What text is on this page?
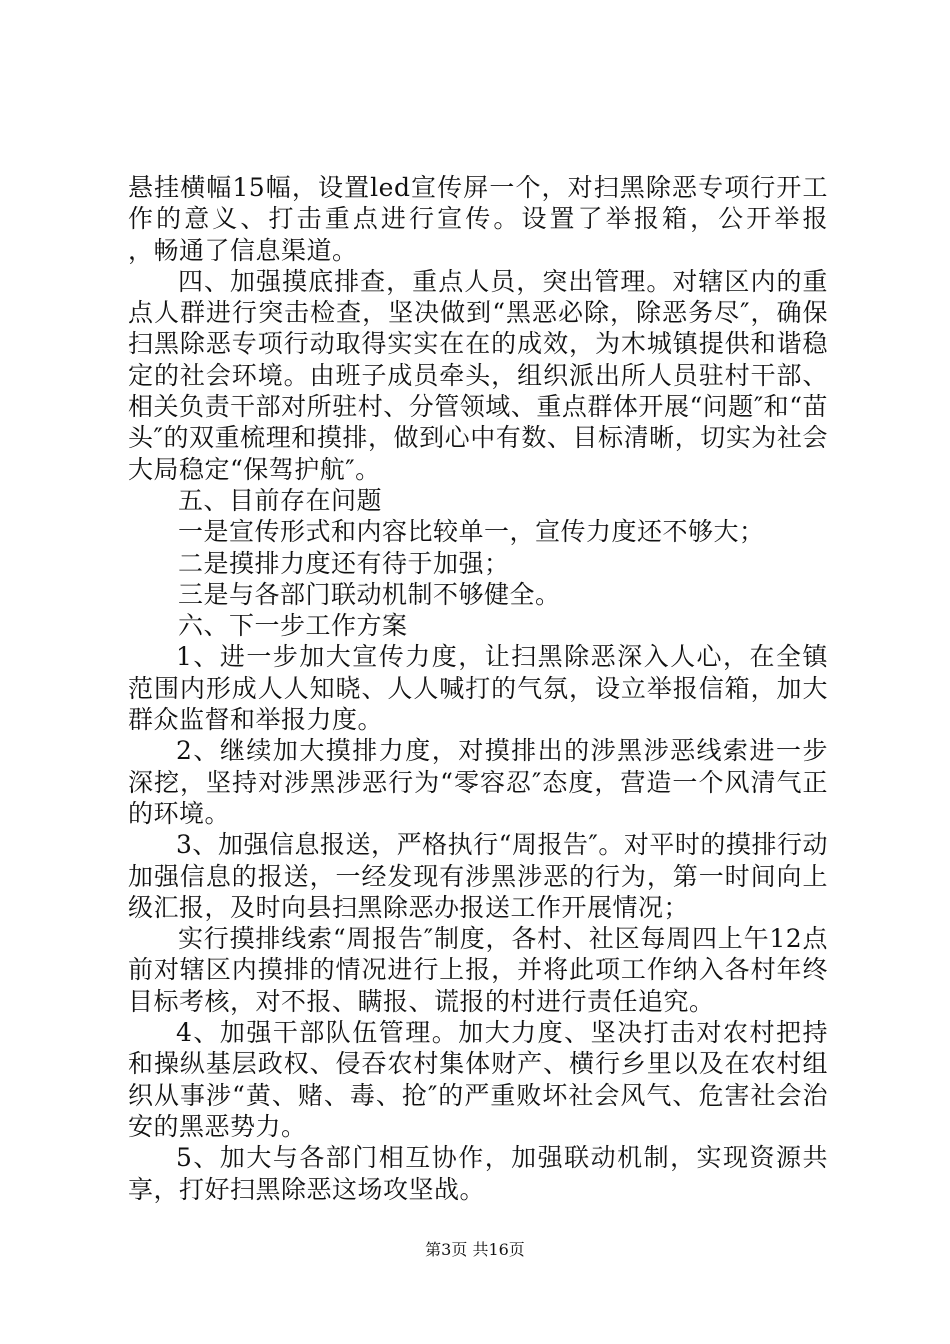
悬挂横幅15幅，设置led宣传屏一个，对扫黑除恶专项行开工作的意义、打击重点进行宣传。设置了举报箱，公开举报　　，畅通了信息渠道。

四、加强摸底排查，重点人员，突出管理。对辖区内的重点人群进行突击检查，坚决做到“黑恶必除，除恶务尽″，确保扫黑除恶专项行动取得实实在在的成效，为木城镇提供和谐稳定的社会环境。由班子成员牵头，组织派出所人员驻村干部、相关负责干部对所驻村、分管领域、重点群体开展“问题″和“苗头″的双重梳理和摸排，做到心中有数、目标清晰，切实为社会大局稳定“保驾护航″。

五、目前存在问题

一是宣传形式和内容比较单一，宣传力度还不够大；

二是摸排力度还有待于加强；

三是与各部门联动机制不够健全。

六、下一步工作方案

1、进一步加大宣传力度，让扫黑除恶深入人心，在全镇范围内形成人人知晓、人人喊打的气氛，设立举报信箱，加大群众监督和举报力度。

2、继续加大摸排力度，对摸排出的涉黑涉恶线索进一步深挖，坚持对涉黑涉恶行为“零容忍″态度，营造一个风清气正的环境。

3、加强信息报送，严格执行“周报告″。对平时的摸排行动加强信息的报送，一经发现有涉黑涉恶的行为，第一时间向上级汇报，及时向县扫黑除恶办报送工作开展情况；

实行摸排线索“周报告″制度，各村、社区每周四上午12点前对辖区内摸排的情况进行上报，并将此项工作纳入各村年终目标考核，对不报、瞒报、谎报的村进行责任追究。

4、加强干部队伍管理。加大力度、坚决打击对农村把持和操纵基层政权、侵吞农村集体财产、横行乡里以及在农村组织从事涉“黄、赌、毒、抢″的严重败坏社会风气、危害社会治安的黑恶势力。

5、加大与各部门相互协作，加强联动机制，实现资源共享，打好扫黑除恶这场攻坚战。

第3页 共16页
